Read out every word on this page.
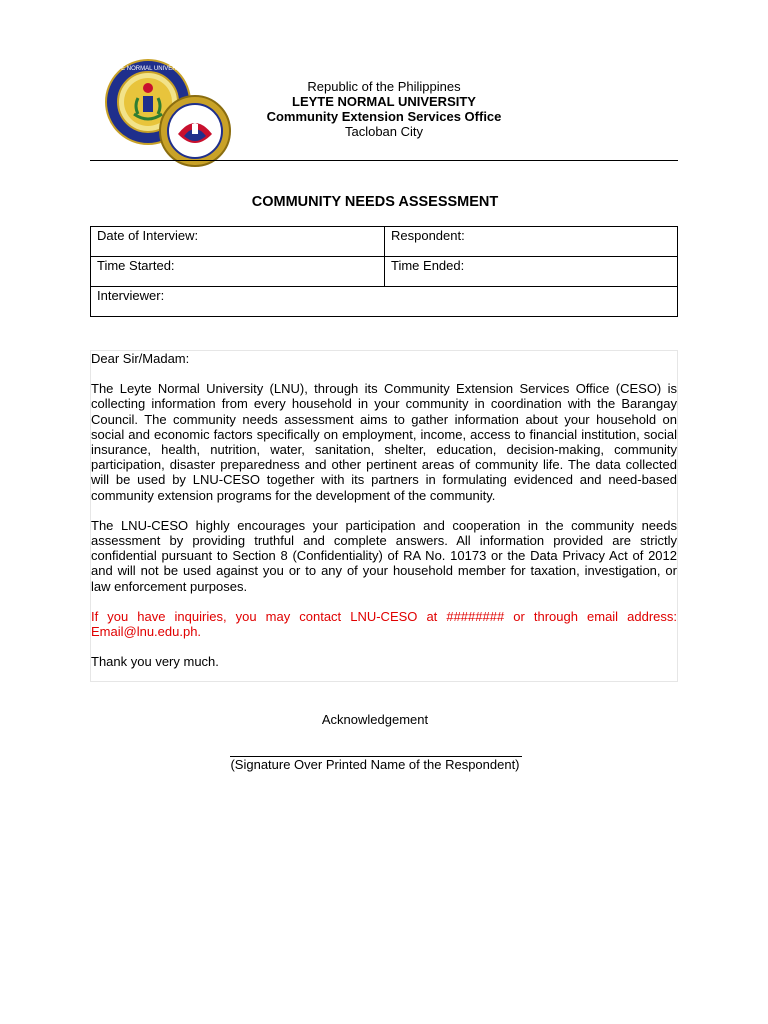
LEYTE NORMAL UNIVERSITY
Republic of the Philippines
LEYTE NORMAL UNIVERSITY
Community Extension Services Office
Tacloban City
COMMUNITY NEEDS ASSESSMENT
Date of Interview:	Respondent:

Time Started:	Time Ended:

Interviewer:	

Dear Sir/Madam:

The Leyte Normal University (LNU), through its Community Extension Services Office (CESO) is collecting information from every household in your community in coordination with the Barangay Council. The community needs assessment aims to gather information about your household on social and economic factors specifically on employment, income, access to financial institution, social insurance, health, nutrition, water, sanitation, shelter, education, decision-making, community participation, disaster preparedness and other pertinent areas of community life. The data collected will be used by LNU-CESO together with its partners in formulating evidenced and need-based community extension programs for the development of the community.

The LNU-CESO highly encourages your participation and cooperation in the community needs assessment by providing truthful and complete answers. All information provided are strictly confidential pursuant to Section 8 (Confidentiality) of RA No. 10173 or the Data Privacy Act of 2012 and will not be used against you or to any of your household member for taxation, investigation, or law enforcement purposes.

If you have inquiries, you may contact LNU-CESO at ######## or through email address: Email@lnu.edu.ph.

Thank you very much.

Acknowledgement
(Signature Over Printed Name of the Respondent)
